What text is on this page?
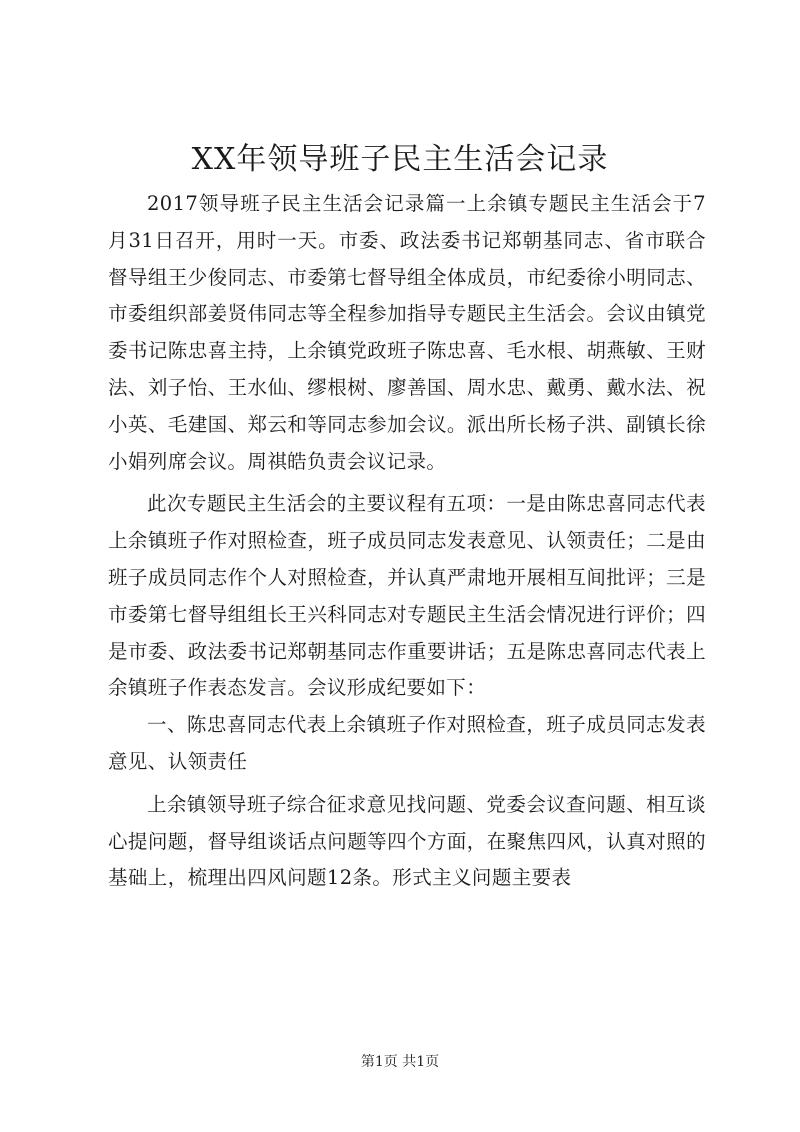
XX年领导班子民主生活会记录

2017领导班子民主生活会记录篇一上余镇专题民主生活会于7月31日召开，用时一天。市委、政法委书记郑朝基同志、省市联合督导组王少俊同志、市委第七督导组全体成员，市纪委徐小明同志、市委组织部姜贤伟同志等全程参加指导专题民主生活会。会议由镇党委书记陈忠喜主持，上余镇党政班子陈忠喜、毛水根、胡燕敏、王财法、刘子怡、王水仙、缪根树、廖善国、周水忠、戴勇、戴水法、祝小英、毛建国、郑云和等同志参加会议。派出所长杨子洪、副镇长徐小娟列席会议。周祺皓负责会议记录。

此次专题民主生活会的主要议程有五项：一是由陈忠喜同志代表上余镇班子作对照检查，班子成员同志发表意见、认领责任；二是由班子成员同志作个人对照检查，并认真严肃地开展相互间批评；三是市委第七督导组组长王兴科同志对专题民主生活会情况进行评价；四是市委、政法委书记郑朝基同志作重要讲话；五是陈忠喜同志代表上余镇班子作表态发言。会议形成纪要如下：

一、陈忠喜同志代表上余镇班子作对照检查，班子成员同志发表意见、认领责任

上余镇领导班子综合征求意见找问题、党委会议查问题、相互谈心提问题，督导组谈话点问题等四个方面，在聚焦四风，认真对照的基础上，梳理出四风问题12条。形式主义问题主要表

第1页 共1页
